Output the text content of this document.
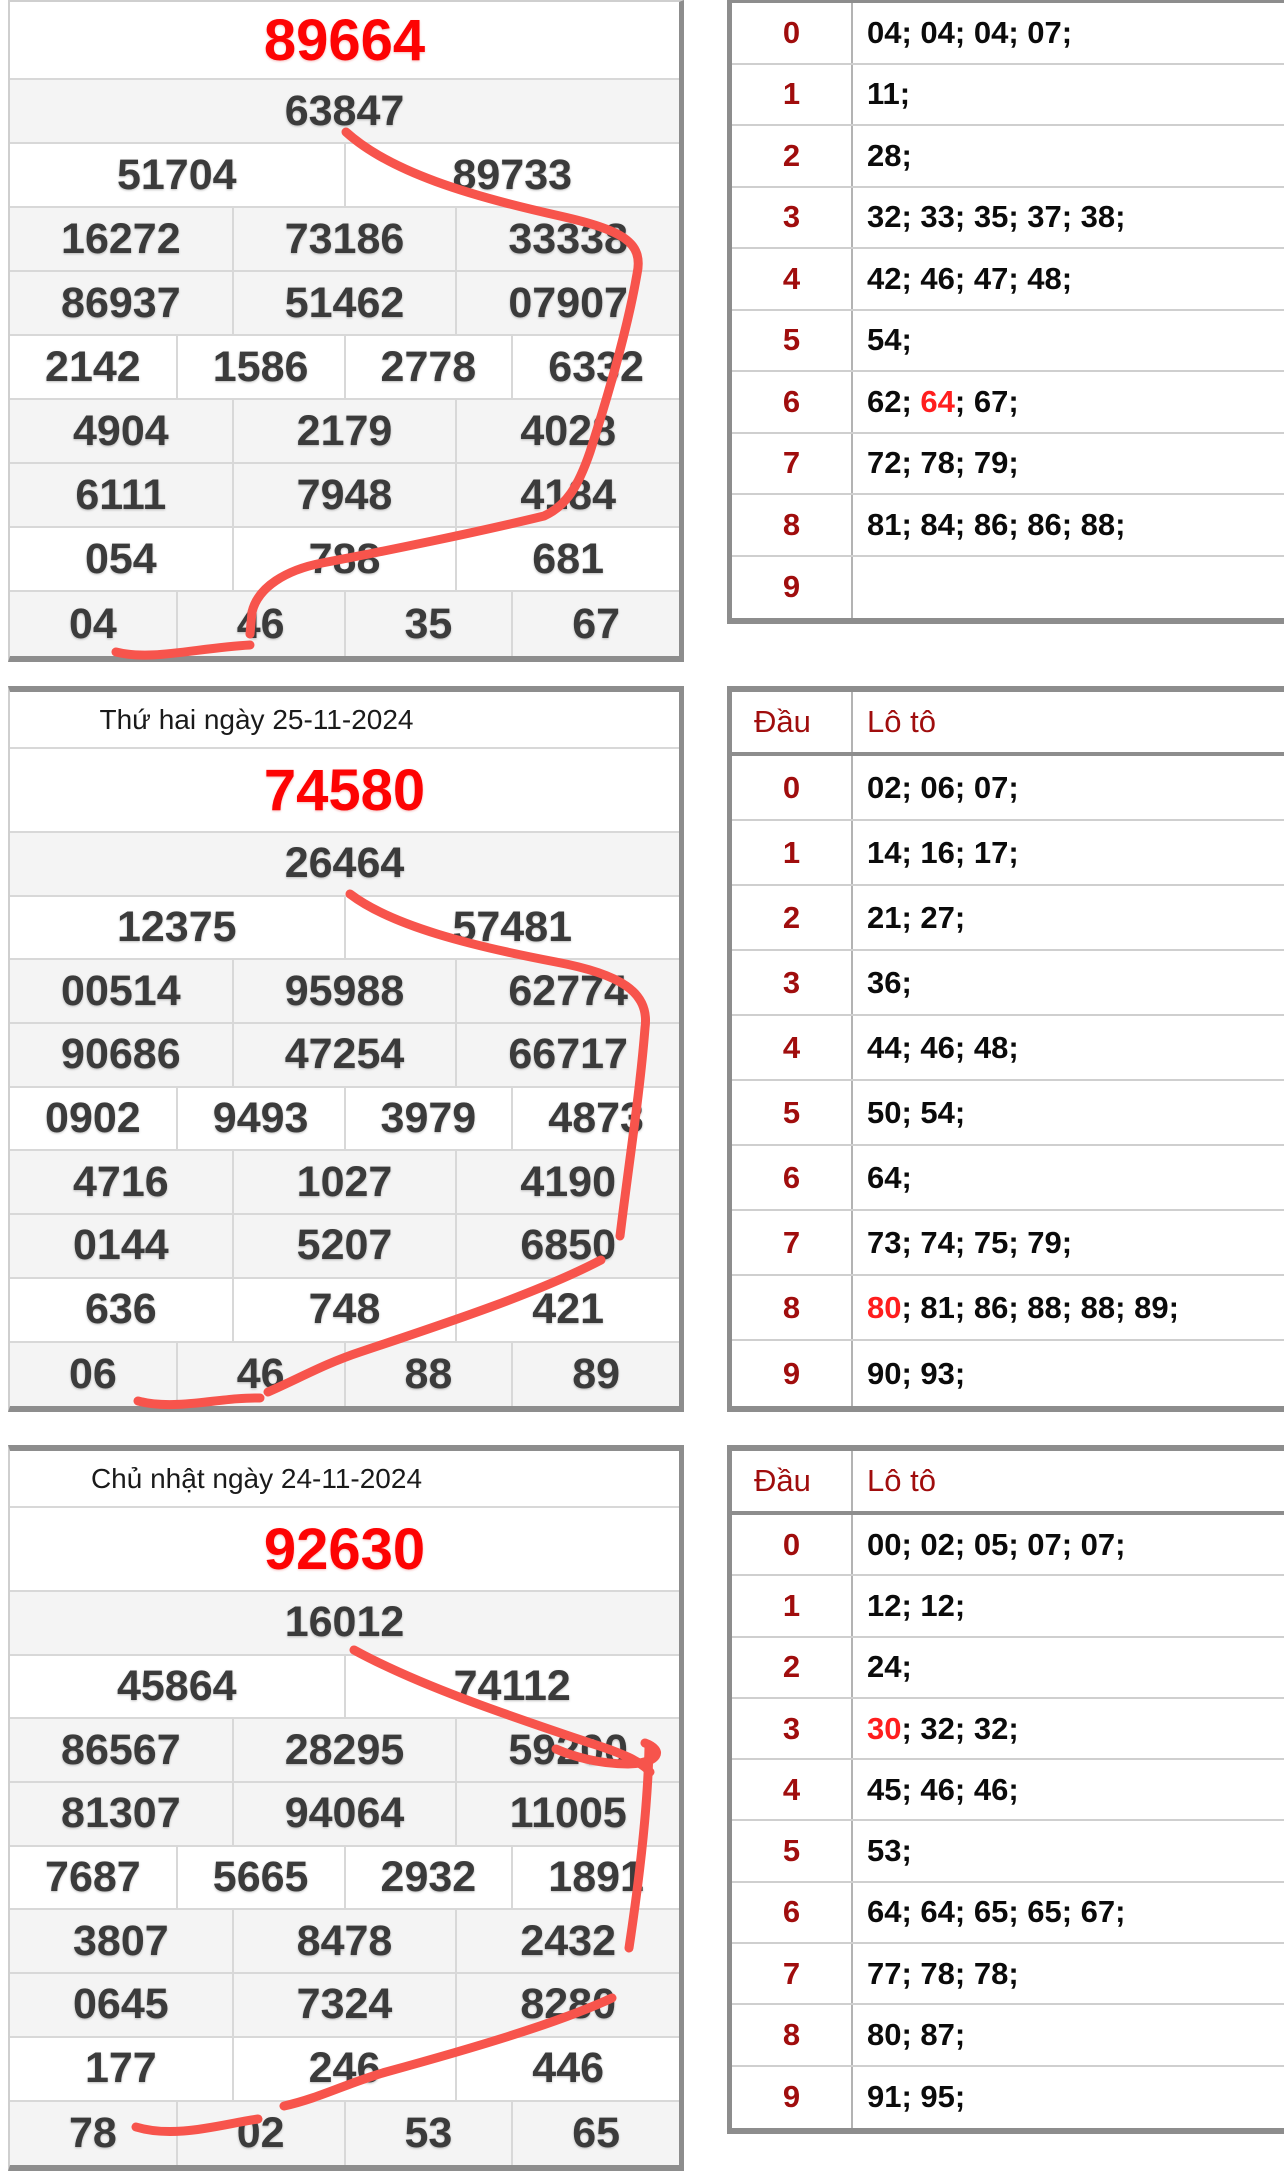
89664
63847
51704	89733
16272	73186	33338
86937	51462	07907
2142	1586	2778	6332
4904	2179	4028
6111	7948	4184
054	788	681
04	46	35	67
0	04; 04; 04; 07;
1	11;
2	28;
3	32; 33; 35; 37; 38;
4	42; 46; 47; 48;
5	54;
6	62; 64 ; 67;
7	72; 78; 79;
8	81; 84; 86; 86; 88;
9
Thứ hai ngày 25-11-2024
74580
26464
12375	57481
00514	95988	62774
90686	47254	66717
0902	9493	3979	4873
4716	1027	4190
0144	5207	6850
636	748	421
06	46	88	89
Đầu	Lô tô
0	02; 06; 07;
1	14; 16; 17;
2	21; 27;
3	36;
4	44; 46; 48;
5	50; 54;
6	64;
7	73; 74; 75; 79;
8	80 ; 81; 86; 88; 88; 89;
9	90; 93;
Chủ nhật ngày 24-11-2024
92630
16012
45864	74112
86567	28295	59200
81307	94064	11005
7687	5665	2932	1891
3807	8478	2432
0645	7324	8280
177	246	446
78	02	53	65
Đầu	Lô tô
0	00; 02; 05; 07; 07;
1	12; 12;
2	24;
3	30 ; 32; 32;
4	45; 46; 46;
5	53;
6	64; 64; 65; 65; 67;
7	77; 78; 78;
8	80; 87;
9	91; 95;
